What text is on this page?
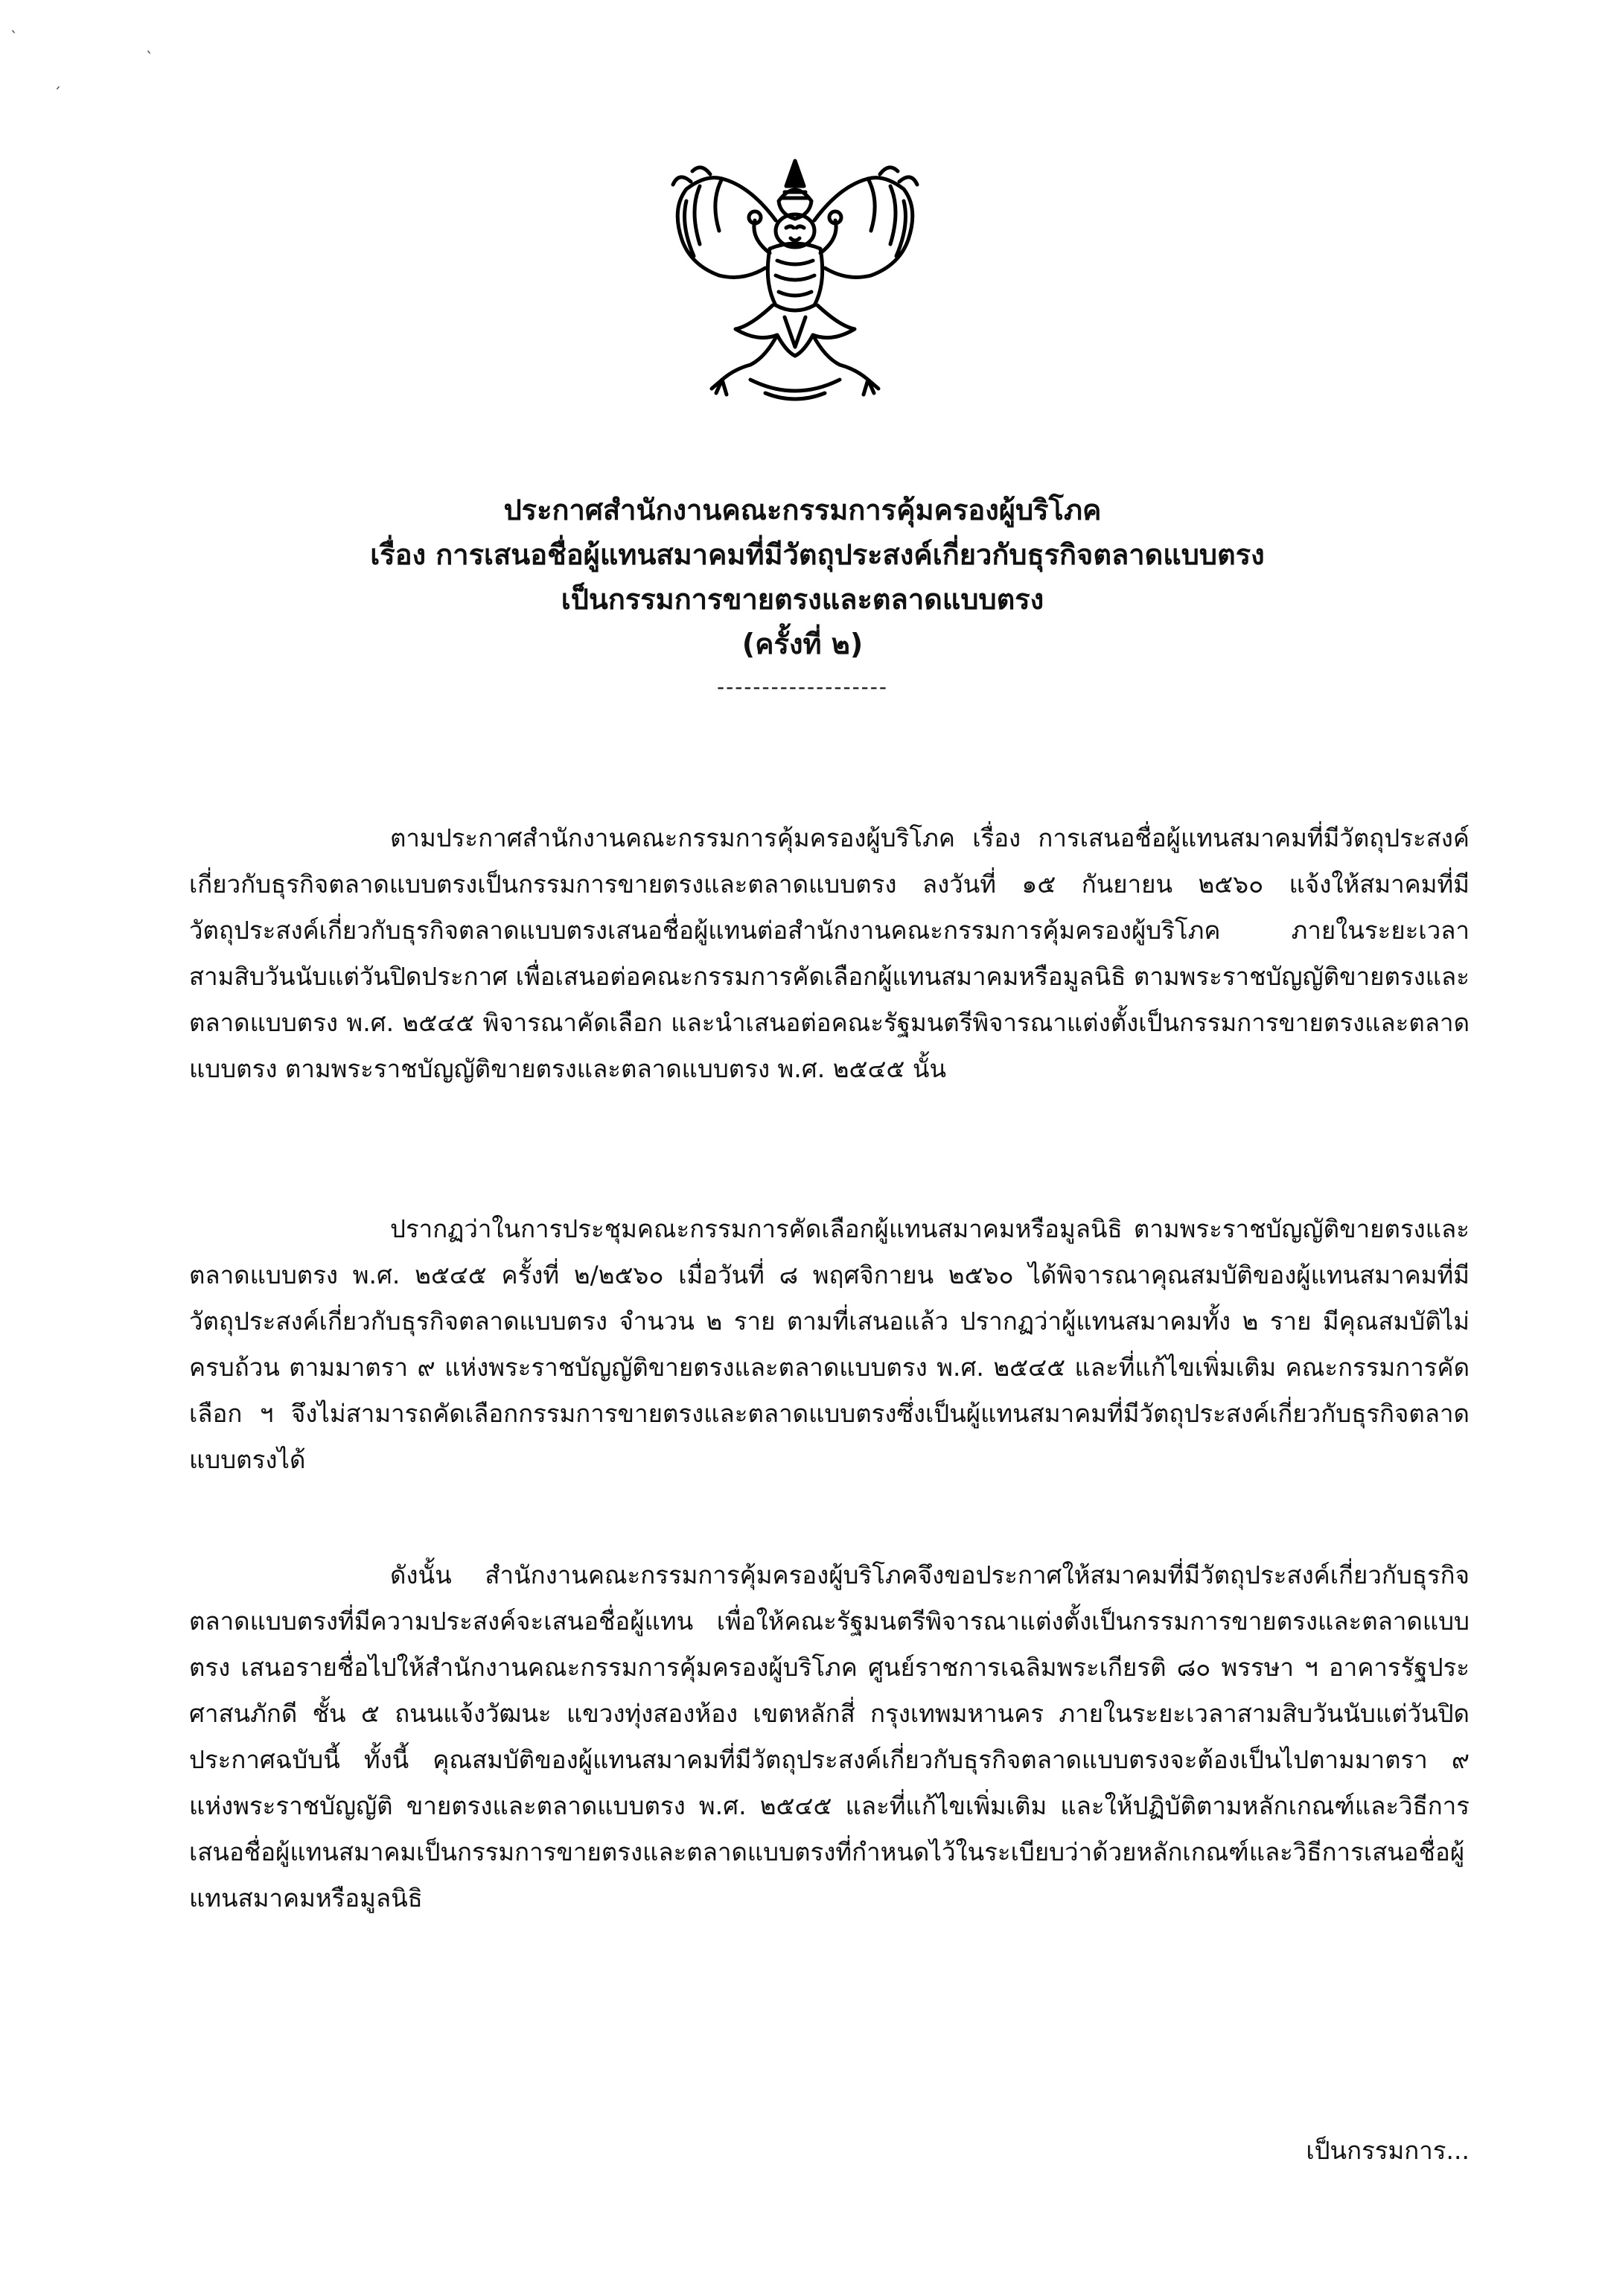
ˋ	ˎ
ˏ
ประกาศสำนักงานคณะกรรมการคุ้มครองผู้บริโภค
เรื่อง การเสนอชื่อผู้แทนสมาคมที่มีวัตถุประสงค์เกี่ยวกับธุรกิจตลาดแบบตรง
เป็นกรรมการขายตรงและตลาดแบบตรง
(ครั้งที่ ๒)
-------------------

ตามประกาศสำนักงานคณะกรรมการคุ้มครองผู้บริโภค เรื่อง การเสนอชื่อผู้แทนสมาคมที่มีวัตถุประสงค์เกี่ยวกับธุรกิจตลาดแบบตรงเป็นกรรมการขายตรงและตลาดแบบตรง ลงวันที่ ๑๕ กันยายน ๒๕๖๐ แจ้งให้สมาคมที่มีวัตถุประสงค์เกี่ยวกับธุรกิจตลาดแบบตรงเสนอชื่อผู้แทนต่อสำนักงานคณะกรรมการคุ้มครองผู้บริโภค ภายในระยะเวลาสามสิบวันนับแต่วันปิดประกาศ เพื่อเสนอต่อคณะกรรมการคัดเลือกผู้แทนสมาคมหรือมูลนิธิ ตามพระราชบัญญัติขายตรงและตลาดแบบตรง พ.ศ. ๒๕๔๕ พิจารณาคัดเลือก และนำเสนอต่อคณะรัฐมนตรีพิจารณาแต่งตั้งเป็นกรรมการขายตรงและตลาดแบบตรง ตามพระราชบัญญัติขายตรงและตลาดแบบตรง พ.ศ. ๒๕๔๕ นั้น

ปรากฏว่าในการประชุมคณะกรรมการคัดเลือกผู้แทนสมาคมหรือมูลนิธิ ตามพระราชบัญญัติขายตรงและตลาดแบบตรง พ.ศ. ๒๕๔๕ ครั้งที่ ๒/๒๕๖๐ เมื่อวันที่ ๘ พฤศจิกายน ๒๕๖๐ ได้พิจารณาคุณสมบัติของผู้แทนสมาคมที่มีวัตถุประสงค์เกี่ยวกับธุรกิจตลาดแบบตรง จำนวน ๒ ราย ตามที่เสนอแล้ว ปรากฏว่าผู้แทนสมาคมทั้ง ๒ ราย มีคุณสมบัติไม่ครบถ้วน ตามมาตรา ๙ แห่งพระราชบัญญัติขายตรงและตลาดแบบตรง พ.ศ. ๒๕๔๕ และที่แก้ไขเพิ่มเติม คณะกรรมการคัดเลือก ฯ จึงไม่สามารถคัดเลือกกรรมการขายตรงและตลาดแบบตรงซึ่งเป็นผู้แทนสมาคมที่มีวัตถุประสงค์เกี่ยวกับธุรกิจตลาดแบบตรงได้

ดังนั้น สำนักงานคณะกรรมการคุ้มครองผู้บริโภคจึงขอประกาศให้สมาคมที่มีวัตถุประสงค์เกี่ยวกับธุรกิจตลาดแบบตรงที่มีความประสงค์จะเสนอชื่อผู้แทน เพื่อให้คณะรัฐมนตรีพิจารณาแต่งตั้งเป็นกรรมการขายตรงและตลาดแบบตรง เสนอรายชื่อไปให้สำนักงานคณะกรรมการคุ้มครองผู้บริโภค ศูนย์ราชการเฉลิมพระเกียรติ ๘๐ พรรษา ฯ อาคารรัฐประศาสนภักดี ชั้น ๕ ถนนแจ้งวัฒนะ แขวงทุ่งสองห้อง เขตหลักสี่ กรุงเทพมหานคร ภายในระยะเวลาสามสิบวันนับแต่วันปิดประกาศฉบับนี้ ทั้งนี้ คุณสมบัติของผู้แทนสมาคมที่มีวัตถุประสงค์เกี่ยวกับธุรกิจตลาดแบบตรงจะต้องเป็นไปตามมาตรา ๙ แห่งพระราชบัญญัติ ขายตรงและตลาดแบบตรง พ.ศ. ๒๕๔๕ และที่แก้ไขเพิ่มเติม และให้ปฏิบัติตามหลักเกณฑ์และวิธีการเสนอชื่อผู้แทนสมาคมเป็นกรรมการขายตรงและตลาดแบบตรงที่กำหนดไว้ในระเบียบว่าด้วยหลักเกณฑ์และวิธีการเสนอชื่อผู้แทนสมาคมหรือมูลนิธิ

เป็นกรรมการ...
